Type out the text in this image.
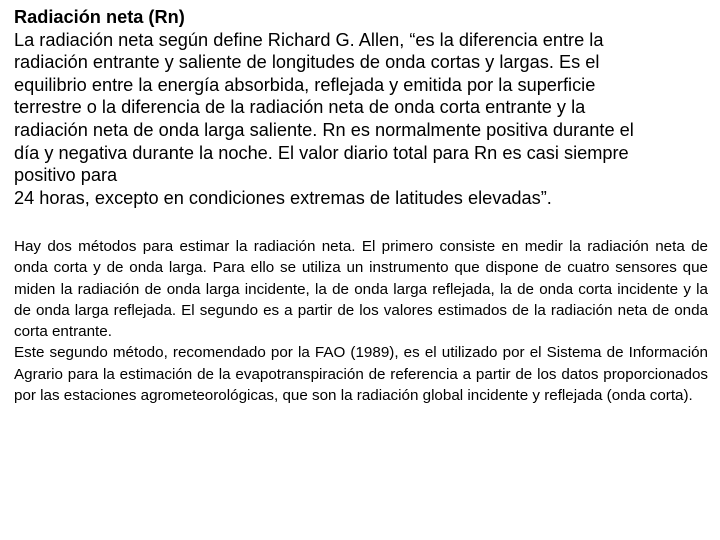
Radiación neta (Rn)

La radiación neta según define Richard G. Allen, “es la diferencia entre la
radiación entrante y saliente de longitudes de onda cortas y largas. Es el
equilibrio entre la energía absorbida, reflejada y emitida por la superficie
terrestre o la diferencia de la radiación neta de onda corta entrante y la
radiación neta de onda larga saliente. Rn es normalmente positiva durante el
día y negativa durante la noche. El valor diario total para Rn es casi siempre
positivo para
24 horas, excepto en condiciones extremas de latitudes elevadas”.

Hay dos métodos para estimar la radiación neta. El primero consiste en medir la radiación neta de onda corta y de onda larga. Para ello se utiliza un instrumento que dispone de cuatro sensores que miden la radiación de onda larga incidente, la de onda larga reflejada, la de onda corta incidente y la de onda larga reflejada. El segundo es a partir de los valores estimados de la radiación neta de onda corta entrante.

Este segundo método, recomendado por la FAO (1989), es el utilizado por el Sistema de Información Agrario para la estimación de la evapotranspiración de referencia a partir de los datos proporcionados por las estaciones agrometeorológicas, que son la radiación global incidente y reflejada (onda corta).
